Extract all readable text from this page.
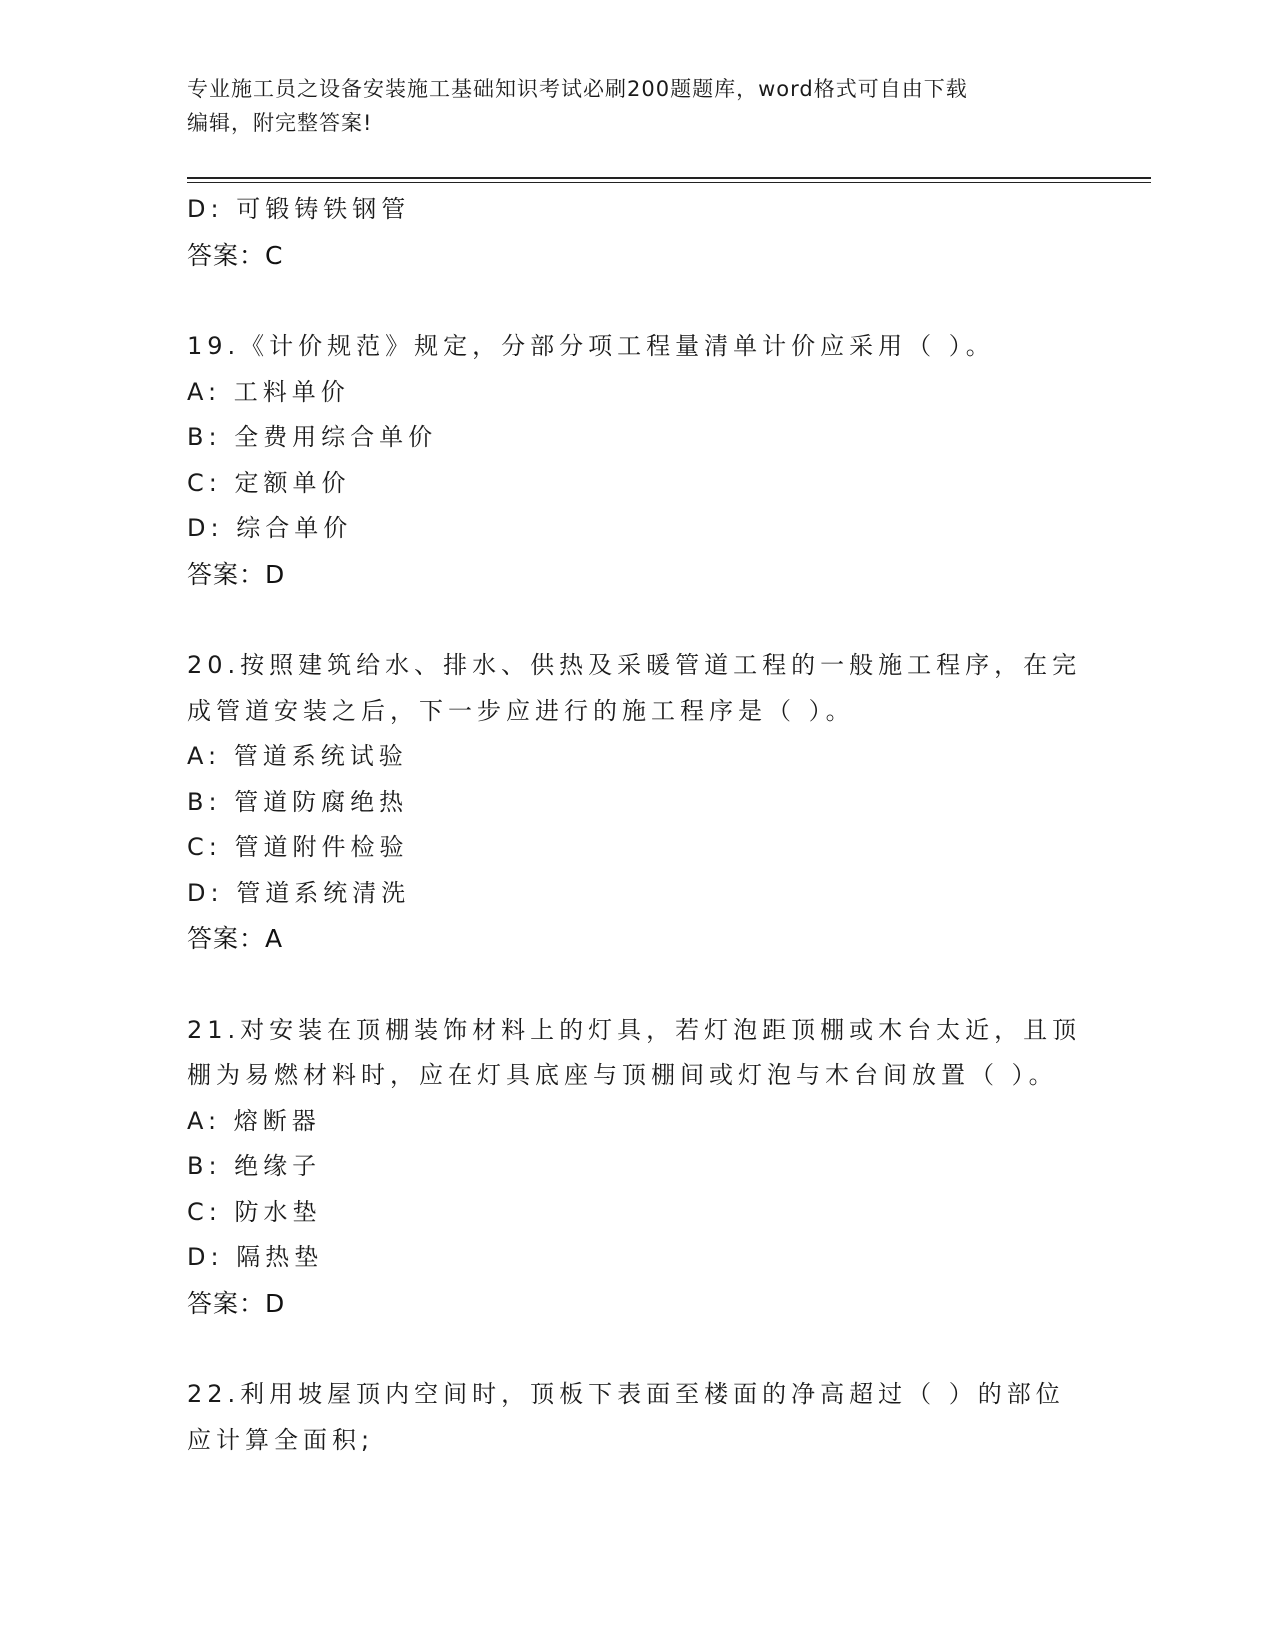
专业施工员之设备安装施工基础知识考试必刷200题题库，word格式可自由下载
编辑，附完整答案!
D: 可锻铸铁钢管
答案：C
19.《计价规范》规定，分部分项工程量清单计价应采用（ ）。
A: 工料单价
B: 全费用综合单价
C: 定额单价
D: 综合单价
答案：D
20.按照建筑给水、排水、供热及采暖管道工程的一般施工程序，在完
成管道安装之后，下一步应进行的施工程序是（ ）。
A: 管道系统试验
B: 管道防腐绝热
C: 管道附件检验
D: 管道系统清洗
答案：A
21.对安装在顶棚装饰材料上的灯具，若灯泡距顶棚或木台太近，且顶
棚为易燃材料时，应在灯具底座与顶棚间或灯泡与木台间放置（ ）。
A: 熔断器
B: 绝缘子
C: 防水垫
D: 隔热垫
答案：D
22.利用坡屋顶内空间时，顶板下表面至楼面的净高超过（ ）的部位
应计算全面积;
